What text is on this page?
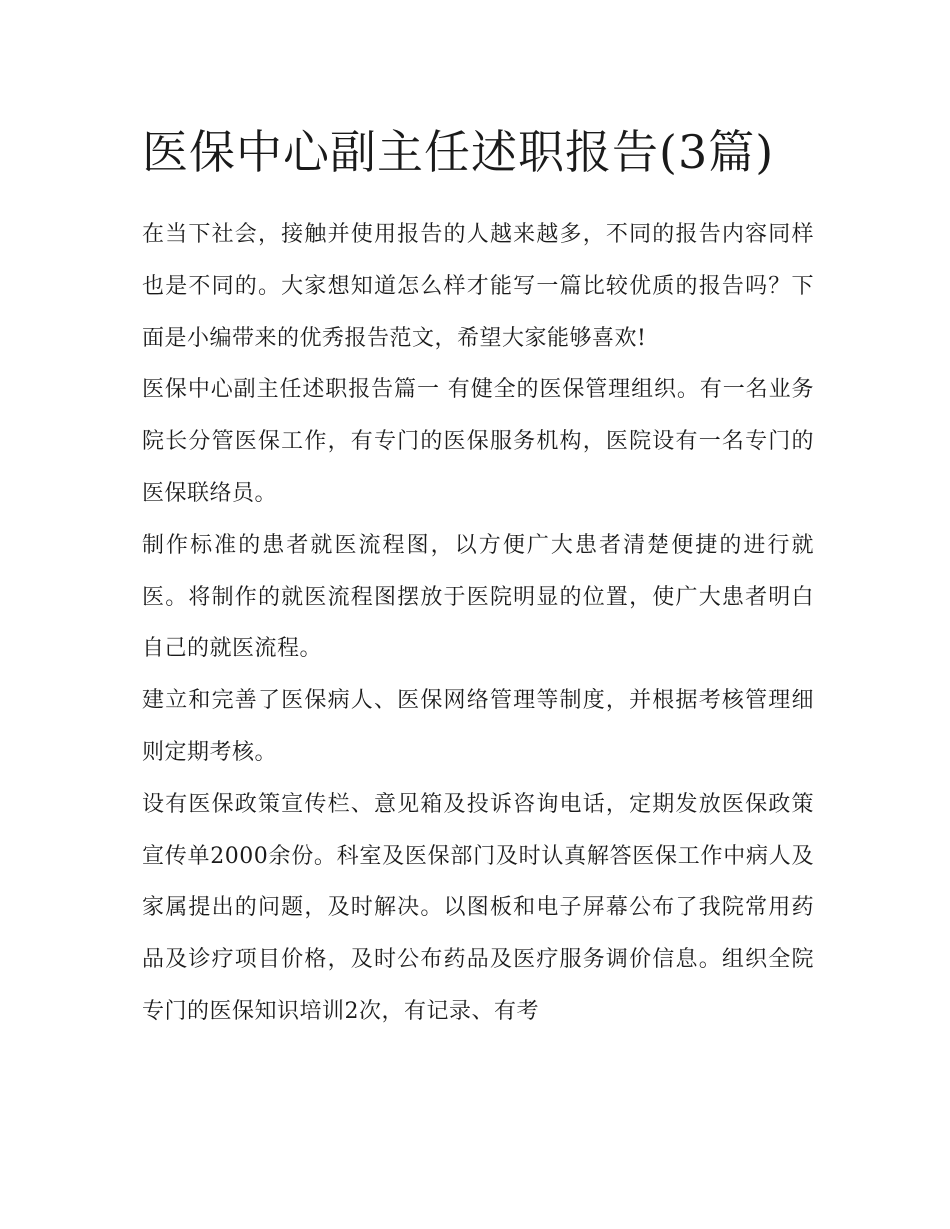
医保中心副主任述职报告(3篇)

在当下社会，接触并使用报告的人越来越多，不同的报告内容同样也是不同的。大家想知道怎么样才能写一篇比较优质的报告吗？下面是小编带来的优秀报告范文，希望大家能够喜欢!

医保中心副主任述职报告篇一 有健全的医保管理组织。有一名业务院长分管医保工作，有专门的医保服务机构，医院设有一名专门的医保联络员。

制作标准的患者就医流程图，以方便广大患者清楚便捷的进行就医。将制作的就医流程图摆放于医院明显的位置，使广大患者明白自己的就医流程。

建立和完善了医保病人、医保网络管理等制度，并根据考核管理细则定期考核。

设有医保政策宣传栏、意见箱及投诉咨询电话，定期发放医保政策宣传单2000余份。科室及医保部门及时认真解答医保工作中病人及家属提出的问题，及时解决。以图板和电子屏幕公布了我院常用药品及诊疗项目价格，及时公布药品及医疗服务调价信息。组织全院专门的医保知识培训2次，有记录、有考
